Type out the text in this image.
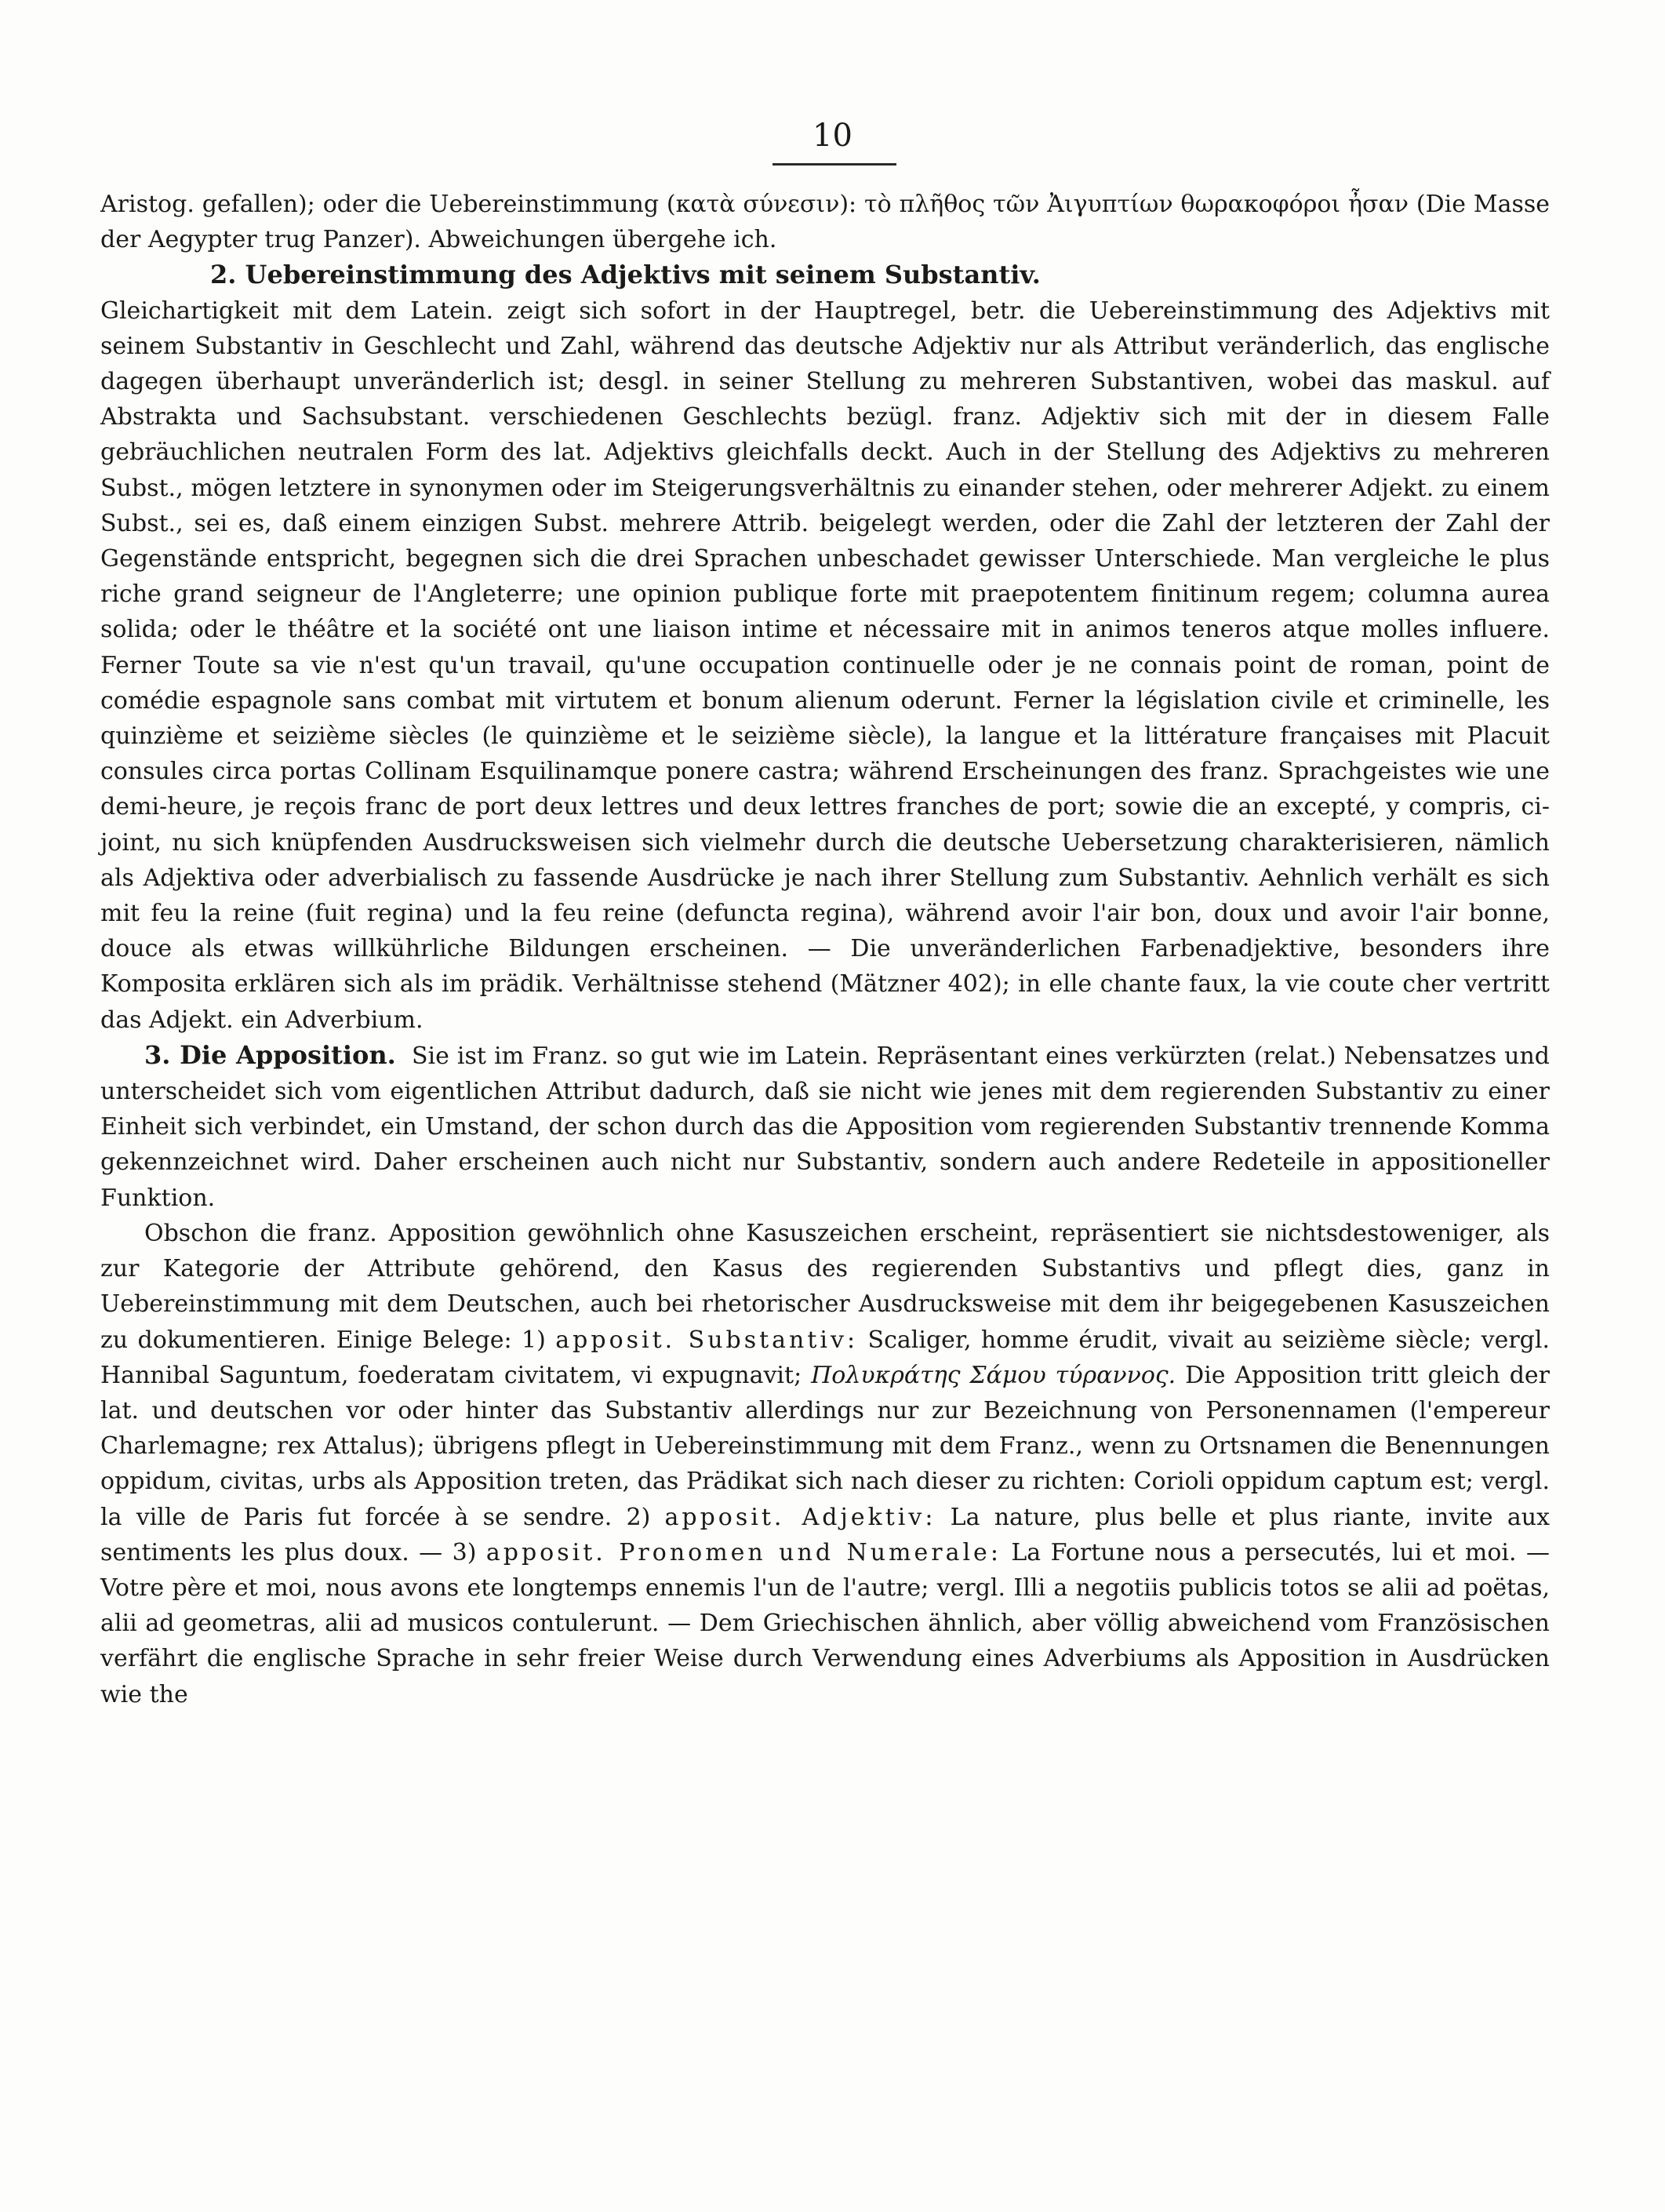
10

Aristog. gefallen); oder die Uebereinstimmung (κατὰ σύνεσιν): τὸ πλῆθος τῶν Ἀιγυπτίων θωρακοφόροι ἦσαν (Die Masse der Aegypter trug Panzer). Abweichungen übergehe ich.

2. Uebereinstimmung des Adjektivs mit seinem Substantiv.

Gleichartigkeit mit dem Latein. zeigt sich sofort in der Hauptregel, betr. die Uebereinstimmung des Adjektivs mit seinem Substantiv in Geschlecht und Zahl, während das deutsche Adjektiv nur als Attribut veränderlich, das englische dagegen überhaupt unveränderlich ist; desgl. in seiner Stellung zu mehreren Substantiven, wobei das maskul. auf Abstrakta und Sachsubstant. verschiedenen Geschlechts bezügl. franz. Adjektiv sich mit der in diesem Falle gebräuchlichen neutralen Form des lat. Adjektivs gleichfalls deckt. Auch in der Stellung des Adjektivs zu mehreren Subst., mögen letztere in synonymen oder im Steigerungsverhältnis zu einander stehen, oder mehrerer Adjekt. zu einem Subst., sei es, daß einem einzigen Subst. mehrere Attrib. beigelegt werden, oder die Zahl der letzteren der Zahl der Gegenstände entspricht, begegnen sich die drei Sprachen unbeschadet gewisser Unterschiede. Man vergleiche le plus riche grand seigneur de l'Angleterre; une opinion publique forte mit praepotentem finitinum regem; columna aurea solida; oder le théâtre et la société ont une liaison intime et nécessaire mit in animos teneros atque molles influere. Ferner Toute sa vie n'est qu'un travail, qu'une occupation continuelle oder je ne connais point de roman, point de comédie espagnole sans combat mit virtutem et bonum alienum oderunt. Ferner la législation civile et criminelle, les quinzième et seizième siècles (le quinzième et le seizième siècle), la langue et la littérature françaises mit Placuit consules circa portas Collinam Esquilinamque ponere castra; während Erscheinungen des franz. Sprachgeistes wie une demi-heure, je reçois franc de port deux lettres und deux lettres franches de port; sowie die an excepté, y compris, ci-joint, nu sich knüpfenden Ausdrucksweisen sich vielmehr durch die deutsche Uebersetzung charakterisieren, nämlich als Adjektiva oder adverbialisch zu fassende Ausdrücke je nach ihrer Stellung zum Substantiv. Aehnlich verhält es sich mit feu la reine (fuit regina) und la feu reine (defuncta regina), während avoir l'air bon, doux und avoir l'air bonne, douce als etwas willkührliche Bildungen erscheinen. — Die unveränderlichen Farbenadjektive, besonders ihre Komposita erklären sich als im prädik. Verhältnisse stehend (Mätzner 402); in elle chante faux, la vie coute cher vertritt das Adjekt. ein Adverbium.

3. Die Apposition. Sie ist im Franz. so gut wie im Latein. Repräsentant eines verkürzten (relat.) Nebensatzes und unterscheidet sich vom eigentlichen Attribut dadurch, daß sie nicht wie jenes mit dem regierenden Substantiv zu einer Einheit sich verbindet, ein Umstand, der schon durch das die Apposition vom regierenden Substantiv trennende Komma gekennzeichnet wird. Daher erscheinen auch nicht nur Substantiv, sondern auch andere Redeteile in appositioneller Funktion.

Obschon die franz. Apposition gewöhnlich ohne Kasuszeichen erscheint, repräsentiert sie nichtsdestoweniger, als zur Kategorie der Attribute gehörend, den Kasus des regierenden Substantivs und pflegt dies, ganz in Uebereinstimmung mit dem Deutschen, auch bei rhetorischer Ausdrucksweise mit dem ihr beigegebenen Kasuszeichen zu dokumentieren. Einige Belege: 1) apposit. Substantiv: Scaliger, homme érudit, vivait au seizième siècle; vergl. Hannibal Saguntum, foederatam civitatem, vi expugnavit; Πολυκράτης Σάμου τύραννος. Die Apposition tritt gleich der lat. und deutschen vor oder hinter das Substantiv allerdings nur zur Bezeichnung von Personennamen (l'empereur Charlemagne; rex Attalus); übrigens pflegt in Uebereinstimmung mit dem Franz., wenn zu Ortsnamen die Benennungen oppidum, civitas, urbs als Apposition treten, das Prädikat sich nach dieser zu richten: Corioli oppidum captum est; vergl. la ville de Paris fut forcée à se sendre. 2) apposit. Adjektiv: La nature, plus belle et plus riante, invite aux sentiments les plus doux. — 3) apposit. Pronomen und Numerale: La Fortune nous a persecutés, lui et moi. — Votre père et moi, nous avons ete longtemps ennemis l'un de l'autre; vergl. Illi a negotiis publicis totos se alii ad poëtas, alii ad geometras, alii ad musicos contulerunt. — Dem Griechischen ähnlich, aber völlig abweichend vom Französischen verfährt die englische Sprache in sehr freier Weise durch Verwendung eines Adverbiums als Apposition in Ausdrücken wie the
